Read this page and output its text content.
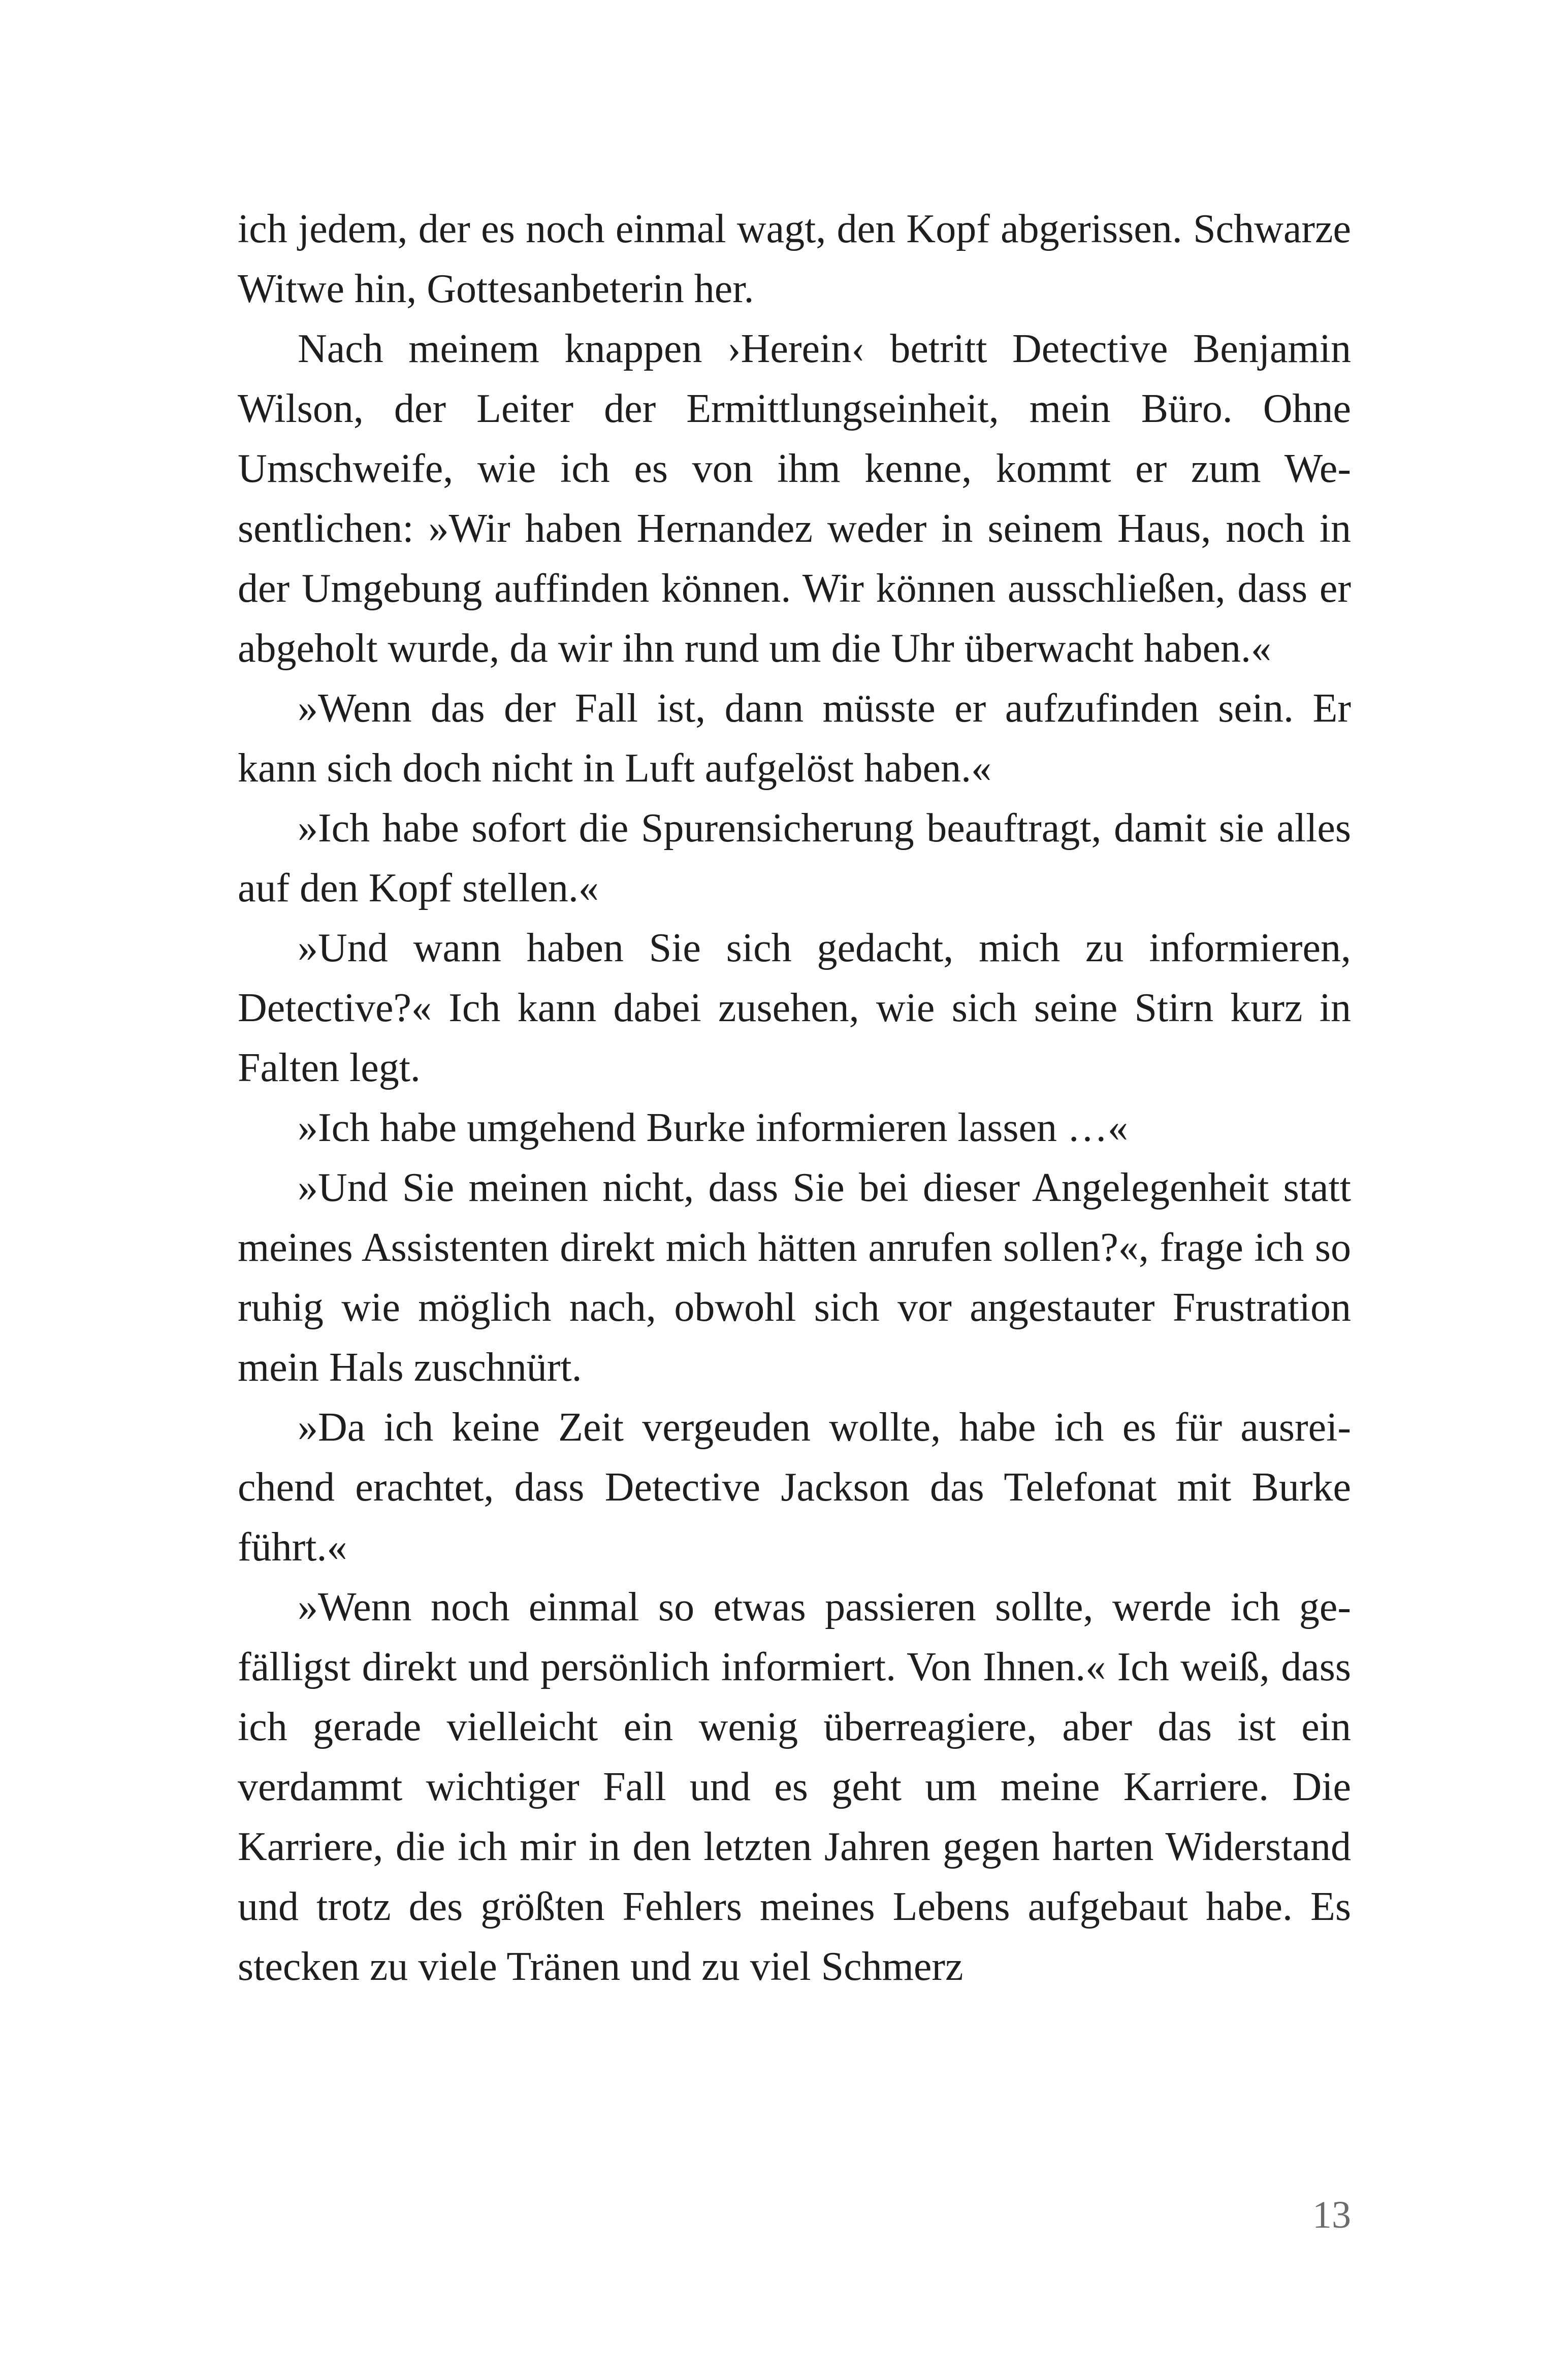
ich jedem, der es noch einmal wagt, den Kopf abgerissen. Schwarze Witwe hin, Gottesanbeterin her.

Nach meinem knappen ›Herein‹ betritt Detective Benjamin Wilson, der Leiter der Ermittlungseinheit, mein Büro. Ohne Umschweife, wie ich es von ihm kenne, kommt er zum Wesentlichen: »Wir haben Hernandez weder in seinem Haus, noch in der Umgebung auffinden können. Wir können ausschließen, dass er abgeholt wurde, da wir ihn rund um die Uhr überwacht haben.«

»Wenn das der Fall ist, dann müsste er aufzufinden sein. Er kann sich doch nicht in Luft aufgelöst haben.«

»Ich habe sofort die Spurensicherung beauftragt, damit sie alles auf den Kopf stellen.«

»Und wann haben Sie sich gedacht, mich zu informieren, Detective?« Ich kann dabei zusehen, wie sich seine Stirn kurz in Falten legt.

»Ich habe umgehend Burke informieren lassen …«

»Und Sie meinen nicht, dass Sie bei dieser Angelegenheit statt meines Assistenten direkt mich hätten anrufen sollen?«, frage ich so ruhig wie möglich nach, obwohl sich vor angestauter Frustration mein Hals zuschnürt.

»Da ich keine Zeit vergeuden wollte, habe ich es für ausreichend erachtet, dass Detective Jackson das Telefonat mit Burke führt.«

»Wenn noch einmal so etwas passieren sollte, werde ich gefälligst direkt und persönlich informiert. Von Ihnen.« Ich weiß, dass ich gerade vielleicht ein wenig überreagiere, aber das ist ein verdammt wichtiger Fall und es geht um meine Karriere. Die Karriere, die ich mir in den letzten Jahren gegen harten Widerstand und trotz des größten Fehlers meines Lebens aufgebaut habe. Es stecken zu viele Tränen und zu viel Schmerz

13
